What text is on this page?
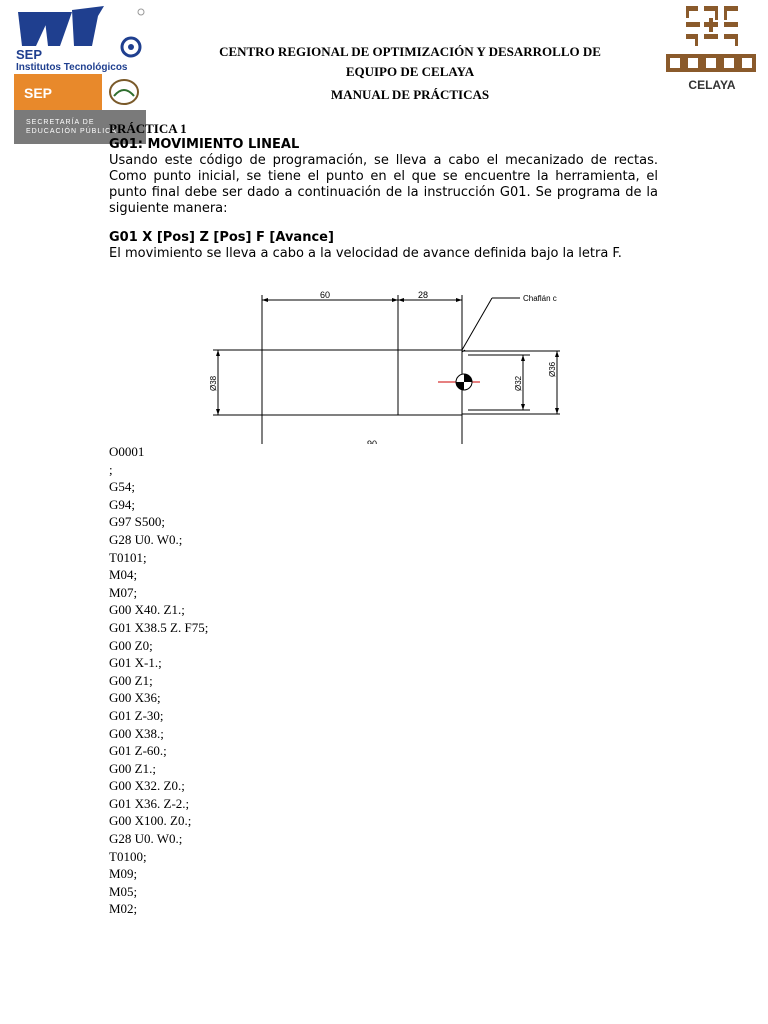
SEP
Institutos Tecnológicos
SEP
SECRETARÍA DE
EDUCACIÓN PÚBLICA
CELAYA
CENTRO REGIONAL DE OPTIMIZACIÓN Y DESARROLLO DE
EQUIPO DE CELAYA
MANUAL DE PRÁCTICAS
PRÁCTICA 1
G01: MOVIMIENTO LINEAL
Usando este código de programación, se lleva a cabo el mecanizado de rectas. Como punto inicial, se tiene el punto en el que se encuentre la herramienta, el punto final debe ser dado a continuación de la instrucción G01. Se programa de la siguiente manera:
G01 X [Pos] Z [Pos] F [Avance]
El movimiento se lleva a cabo a la velocidad de avance definida bajo la letra F.
60	28
90
Chaflán c
Ø38	Ø32
Ø36
O0001
;
G54;
G94;
G97 S500;
G28 U0. W0.;
T0101;
M04;
M07;
G00 X40. Z1.;
G01 X38.5 Z. F75;
G00 Z0;
G01 X-1.;
G00 Z1;
G00 X36;
G01 Z-30;
G00 X38.;
G01 Z-60.;
G00 Z1.;
G00 X32. Z0.;
G01 X36. Z-2.;
G00 X100. Z0.;
G28 U0. W0.;
T0100;
M09;
M05;
M02;
